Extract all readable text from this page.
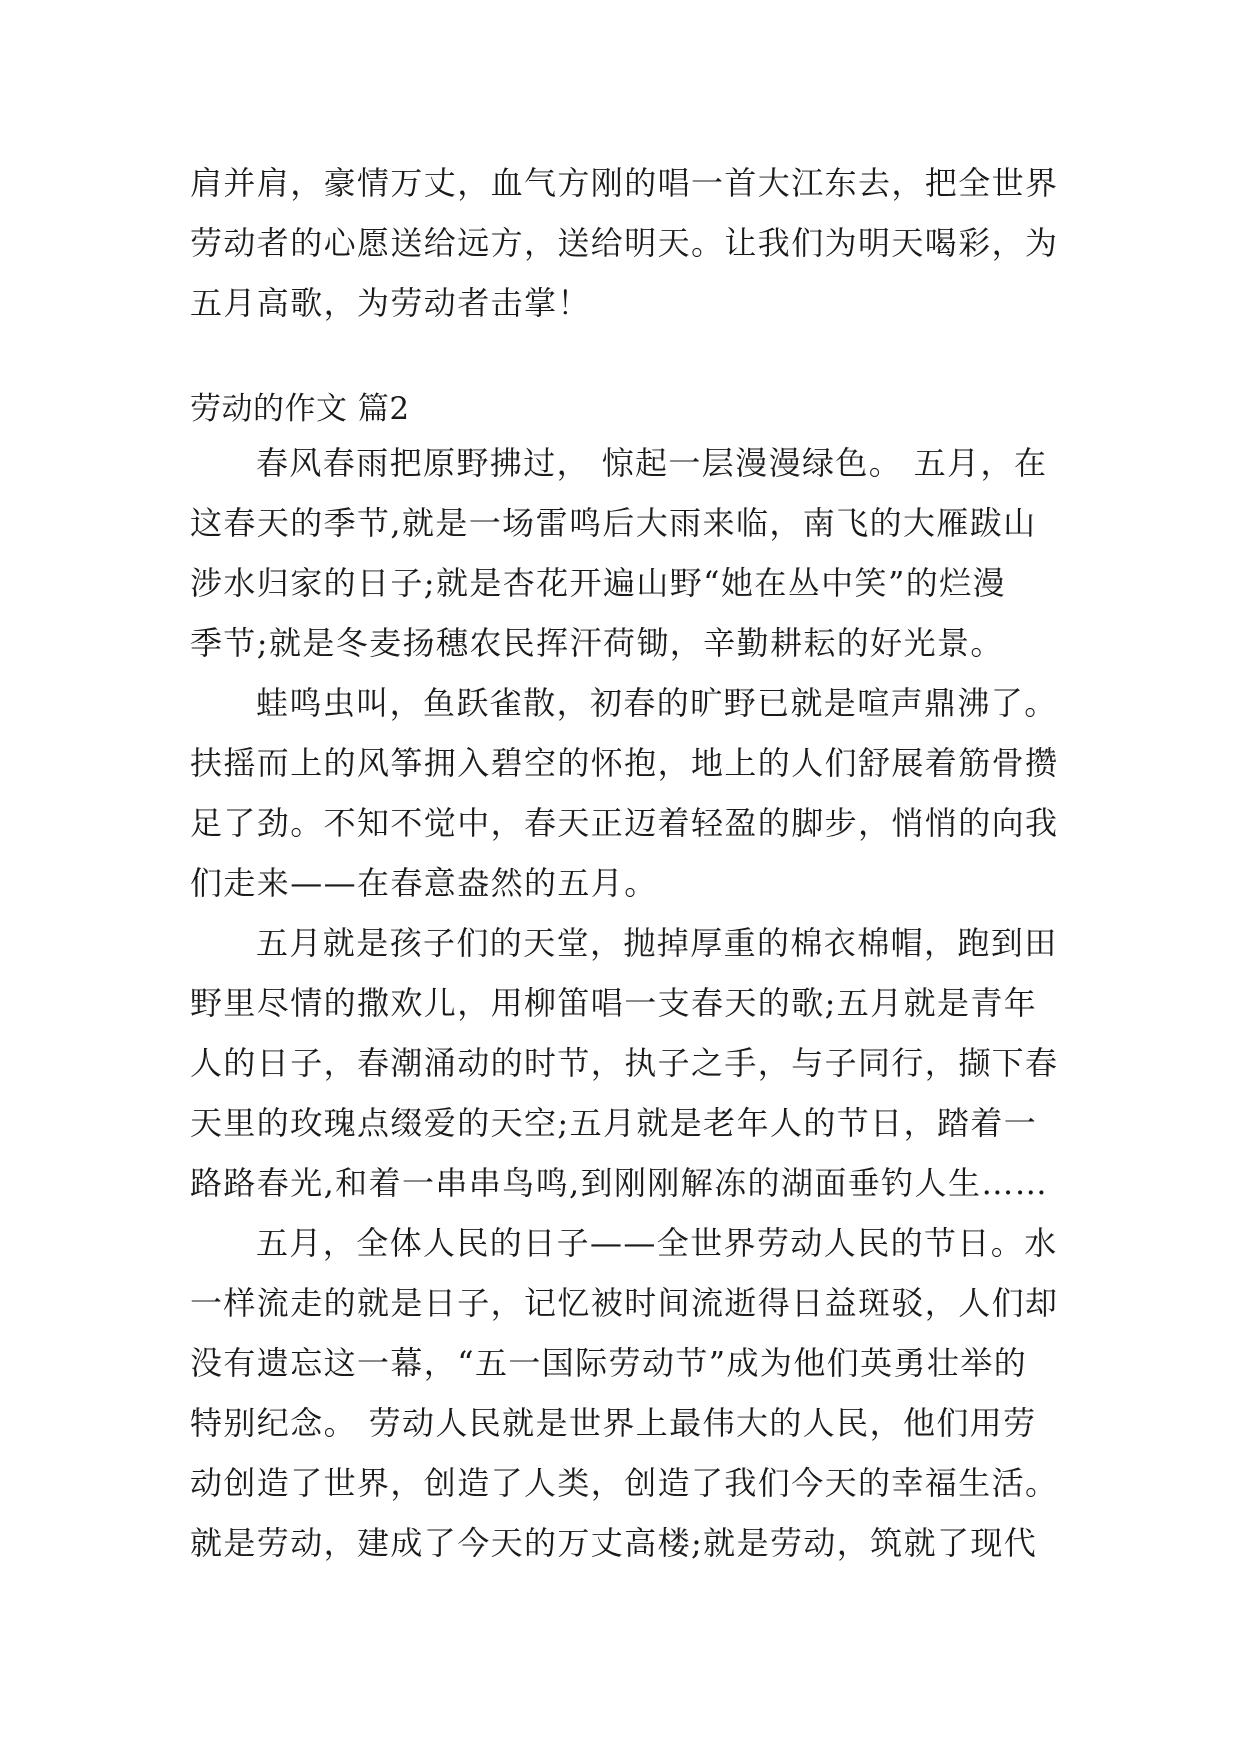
肩并肩，豪情万丈，血气方刚的唱一首大江东去，把全世界
劳动者的心愿送给远方，送给明天。让我们为明天喝彩，为
五月高歌，为劳动者击掌！
劳动的作文 篇2
春风春雨把原野拂过， 惊起一层漫漫绿色。 五月，在
这春天的季节,就是一场雷鸣后大雨来临，南飞的大雁跋山
涉水归家的日子;就是杏花开遍山野“她在丛中笑”的烂漫
季节;就是冬麦扬穗农民挥汗荷锄，辛勤耕耘的好光景。
蛙鸣虫叫，鱼跃雀散，初春的旷野已就是喧声鼎沸了。
扶摇而上的风筝拥入碧空的怀抱，地上的人们舒展着筋骨攒
足了劲。不知不觉中，春天正迈着轻盈的脚步，悄悄的向我
们走来——在春意盎然的五月。
五月就是孩子们的天堂，抛掉厚重的棉衣棉帽，跑到田
野里尽情的撒欢儿，用柳笛唱一支春天的歌;五月就是青年
人的日子，春潮涌动的时节，执子之手，与子同行，撷下春
天里的玫瑰点缀爱的天空;五月就是老年人的节日，踏着一
路路春光,和着一串串鸟鸣,到刚刚解冻的湖面垂钓人生……
五月，全体人民的日子——全世界劳动人民的节日。水
一样流走的就是日子，记忆被时间流逝得日益斑驳，人们却
没有遗忘这一幕，“五一国际劳动节”成为他们英勇壮举的
特别纪念。 劳动人民就是世界上最伟大的人民，他们用劳
动创造了世界，创造了人类，创造了我们今天的幸福生活。
就是劳动，建成了今天的万丈高楼;就是劳动，筑就了现代
